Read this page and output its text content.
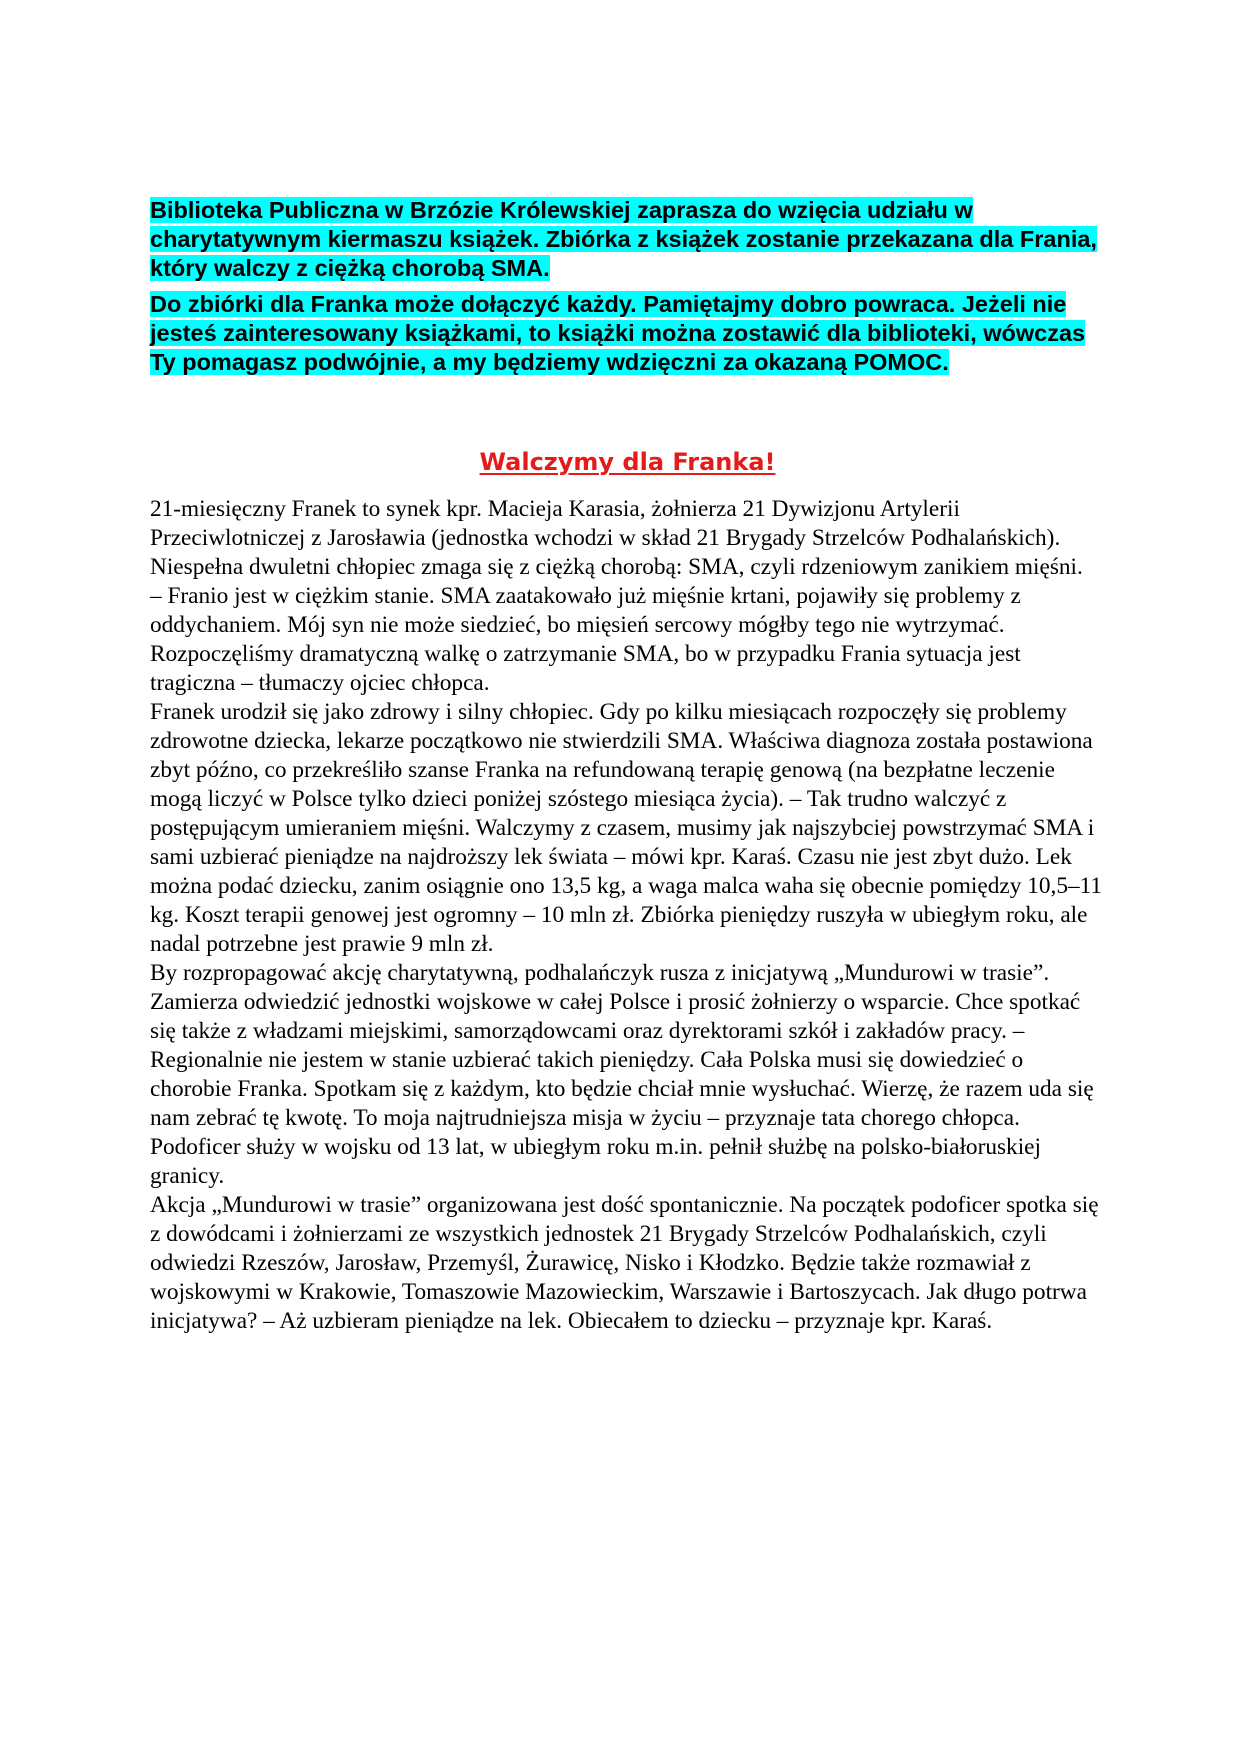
Biblioteka Publiczna w Brzózie Królewskiej zaprasza do wzięcia udziału w charytatywnym kiermaszu książek. Zbiórka z książek zostanie przekazana dla Frania, który walczy z ciężką chorobą SMA.

Do zbiórki dla Franka może dołączyć każdy. Pamiętajmy dobro powraca. Jeżeli nie jesteś zainteresowany książkami, to książki można zostawić dla biblioteki, wówczas Ty pomagasz podwójnie, a my będziemy wdzięczni za okazaną POMOC.

Walczymy dla Franka!

21-miesięczny Franek to synek kpr. Macieja Karasia, żołnierza 21 Dywizjonu Artylerii Przeciwlotniczej z Jarosławia (jednostka wchodzi w skład 21 Brygady Strzelców Podhalańskich). Niespełna dwuletni chłopiec zmaga się z ciężką chorobą: SMA, czyli rdzeniowym zanikiem mięśni.

– Franio jest w ciężkim stanie. SMA zaatakowało już mięśnie krtani, pojawiły się problemy z oddychaniem. Mój syn nie może siedzieć, bo mięsień sercowy mógłby tego nie wytrzymać. Rozpoczęliśmy dramatyczną walkę o zatrzymanie SMA, bo w przypadku Frania sytuacja jest tragiczna – tłumaczy ojciec chłopca.

Franek urodził się jako zdrowy i silny chłopiec. Gdy po kilku miesiącach rozpoczęły się problemy zdrowotne dziecka, lekarze początkowo nie stwierdzili SMA. Właściwa diagnoza została postawiona zbyt późno, co przekreśliło szanse Franka na refundowaną terapię genową (na bezpłatne leczenie mogą liczyć w Polsce tylko dzieci poniżej szóstego miesiąca życia). – Tak trudno walczyć z postępującym umieraniem mięśni. Walczymy z czasem, musimy jak najszybciej powstrzymać SMA i sami uzbierać pieniądze na najdroższy lek świata – mówi kpr. Karaś. Czasu nie jest zbyt dużo. Lek można podać dziecku, zanim osiągnie ono 13,5 kg, a waga malca waha się obecnie pomiędzy 10,5–11 kg. Koszt terapii genowej jest ogromny – 10 mln zł. Zbiórka pieniędzy ruszyła w ubiegłym roku, ale nadal potrzebne jest prawie 9 mln zł.

By rozpropagować akcję charytatywną, podhalańczyk rusza z inicjatywą „Mundurowi w trasie”. Zamierza odwiedzić jednostki wojskowe w całej Polsce i prosić żołnierzy o wsparcie. Chce spotkać się także z władzami miejskimi, samorządowcami oraz dyrektorami szkół i zakładów pracy. – Regionalnie nie jestem w stanie uzbierać takich pieniędzy. Cała Polska musi się dowiedzieć o chorobie Franka. Spotkam się z każdym, kto będzie chciał mnie wysłuchać. Wierzę, że razem uda się nam zebrać tę kwotę. To moja najtrudniejsza misja w życiu – przyznaje tata chorego chłopca. Podoficer służy w wojsku od 13 lat, w ubiegłym roku m.in. pełnił służbę na polsko-białoruskiej granicy.

Akcja „Mundurowi w trasie” organizowana jest dość spontanicznie. Na początek podoficer spotka się z dowódcami i żołnierzami ze wszystkich jednostek 21 Brygady Strzelców Podhalańskich, czyli odwiedzi Rzeszów, Jarosław, Przemyśl, Żurawicę, Nisko i Kłodzko. Będzie także rozmawiał z wojskowymi w Krakowie, Tomaszowie Mazowieckim, Warszawie i Bartoszycach. Jak długo potrwa inicjatywa? – Aż uzbieram pieniądze na lek. Obiecałem to dziecku – przyznaje kpr. Karaś.
